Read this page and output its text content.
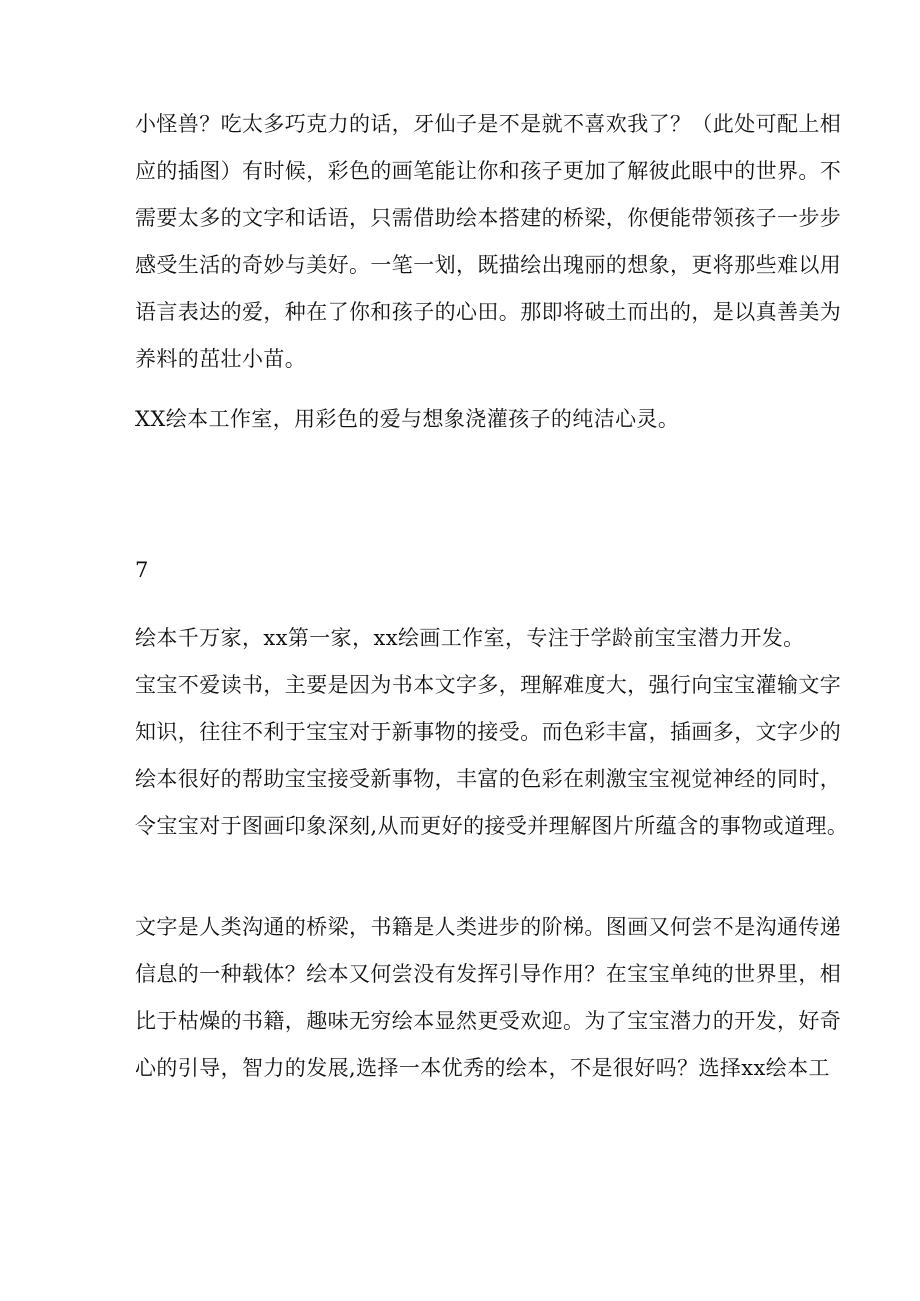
小怪兽？吃太多巧克力的话，牙仙子是不是就不喜欢我了？（此处可配上相
应的插图）有时候，彩色的画笔能让你和孩子更加了解彼此眼中的世界。不
需要太多的文字和话语，只需借助绘本搭建的桥梁，你便能带领孩子一步步
感受生活的奇妙与美好。一笔一划，既描绘出瑰丽的想象，更将那些难以用
语言表达的爱，种在了你和孩子的心田。那即将破土而出的，是以真善美为
养料的茁壮小苗。
XX绘本工作室，用彩色的爱与想象浇灌孩子的纯洁心灵。
7
绘本千万家，xx第一家，xx绘画工作室，专注于学龄前宝宝潜力开发。
宝宝不爱读书，主要是因为书本文字多，理解难度大，强行向宝宝灌输文字
知识，往往不利于宝宝对于新事物的接受。而色彩丰富，插画多，文字少的
绘本很好的帮助宝宝接受新事物，丰富的色彩在刺激宝宝视觉神经的同时，
令宝宝对于图画印象深刻,从而更好的接受并理解图片所蕴含的事物或道理。
文字是人类沟通的桥梁，书籍是人类进步的阶梯。图画又何尝不是沟通传递
信息的一种载体？绘本又何尝没有发挥引导作用？在宝宝单纯的世界里，相
比于枯燥的书籍，趣味无穷绘本显然更受欢迎。为了宝宝潜力的开发，好奇
心的引导，智力的发展,选择一本优秀的绘本，不是很好吗？选择xx绘本工
